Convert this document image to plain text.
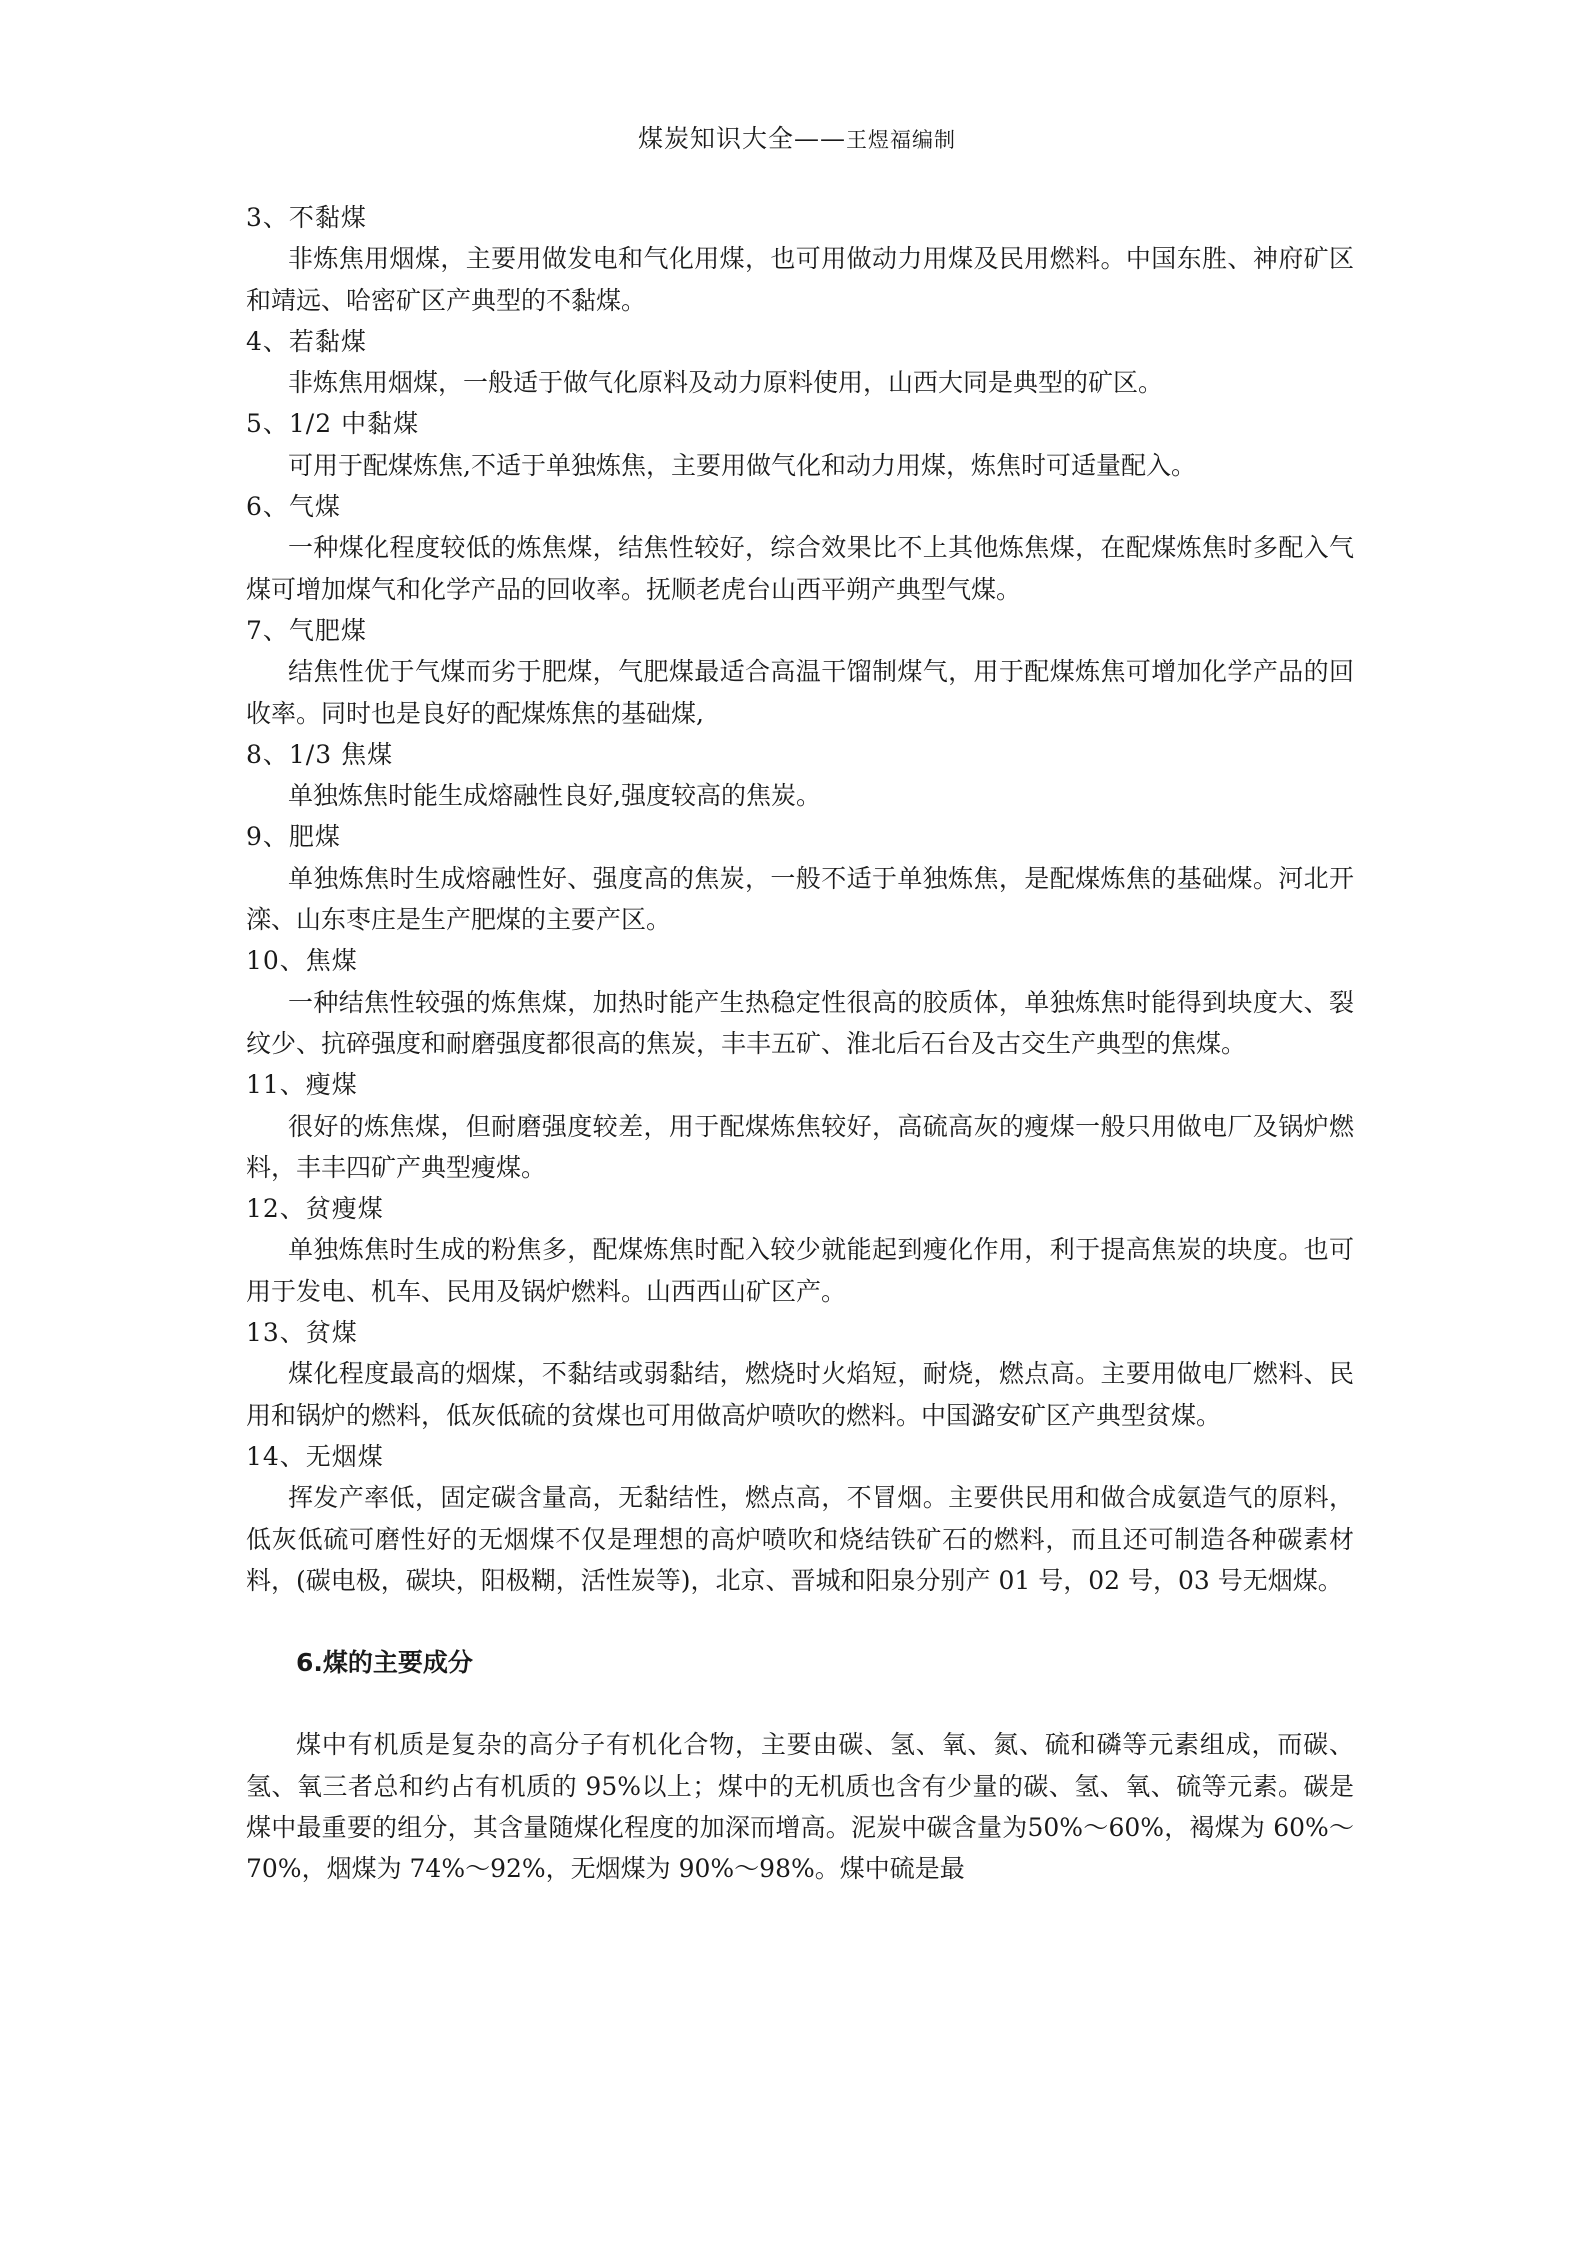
煤炭知识大全——王煜福编制

3、不黏煤

非炼焦用烟煤，主要用做发电和气化用煤，也可用做动力用煤及民用燃料。中国东胜、神府矿区和靖远、哈密矿区产典型的不黏煤。

4、若黏煤

非炼焦用烟煤，一般适于做气化原料及动力原料使用，山西大同是典型的矿区。

5、1/2 中黏煤

可用于配煤炼焦,不适于单独炼焦，主要用做气化和动力用煤，炼焦时可适量配入。

6、气煤

一种煤化程度较低的炼焦煤，结焦性较好，综合效果比不上其他炼焦煤，在配煤炼焦时多配入气煤可增加煤气和化学产品的回收率。抚顺老虎台山西平朔产典型气煤。

7、气肥煤

结焦性优于气煤而劣于肥煤，气肥煤最适合高温干馏制煤气，用于配煤炼焦可增加化学产品的回收率。同时也是良好的配煤炼焦的基础煤,

8、1/3 焦煤

单独炼焦时能生成熔融性良好,强度较高的焦炭。

9、肥煤

单独炼焦时生成熔融性好、强度高的焦炭，一般不适于单独炼焦，是配煤炼焦的基础煤。河北开滦、山东枣庄是生产肥煤的主要产区。

10、焦煤

一种结焦性较强的炼焦煤，加热时能产生热稳定性很高的胶质体，单独炼焦时能得到块度大、裂纹少、抗碎强度和耐磨强度都很高的焦炭，丰丰五矿、淮北后石台及古交生产典型的焦煤。

11、瘦煤

很好的炼焦煤，但耐磨强度较差，用于配煤炼焦较好，高硫高灰的瘦煤一般只用做电厂及锅炉燃料，丰丰四矿产典型瘦煤。

12、贫瘦煤

单独炼焦时生成的粉焦多，配煤炼焦时配入较少就能起到瘦化作用，利于提高焦炭的块度。也可用于发电、机车、民用及锅炉燃料。山西西山矿区产。

13、贫煤

煤化程度最高的烟煤，不黏结或弱黏结，燃烧时火焰短，耐烧，燃点高。主要用做电厂燃料、民用和锅炉的燃料，低灰低硫的贫煤也可用做高炉喷吹的燃料。中国潞安矿区产典型贫煤。

14、无烟煤

挥发产率低，固定碳含量高，无黏结性，燃点高，不冒烟。主要供民用和做合成氨造气的原料，低灰低硫可磨性好的无烟煤不仅是理想的高炉喷吹和烧结铁矿石的燃料，而且还可制造各种碳素材料，(碳电极，碳块，阳极糊，活性炭等)，北京、晋城和阳泉分别产 01 号，02 号，03 号无烟煤。

6.煤的主要成分

煤中有机质是复杂的高分子有机化合物，主要由碳、氢、氧、氮、硫和磷等元素组成，而碳、氢、氧三者总和约占有机质的 95%以上；煤中的无机质也含有少量的碳、氢、氧、硫等元素。碳是煤中最重要的组分，其含量随煤化程度的加深而增高。泥炭中碳含量为50%～60%，褐煤为 60%～70%，烟煤为 74%～92%，无烟煤为 90%～98%。煤中硫是最
